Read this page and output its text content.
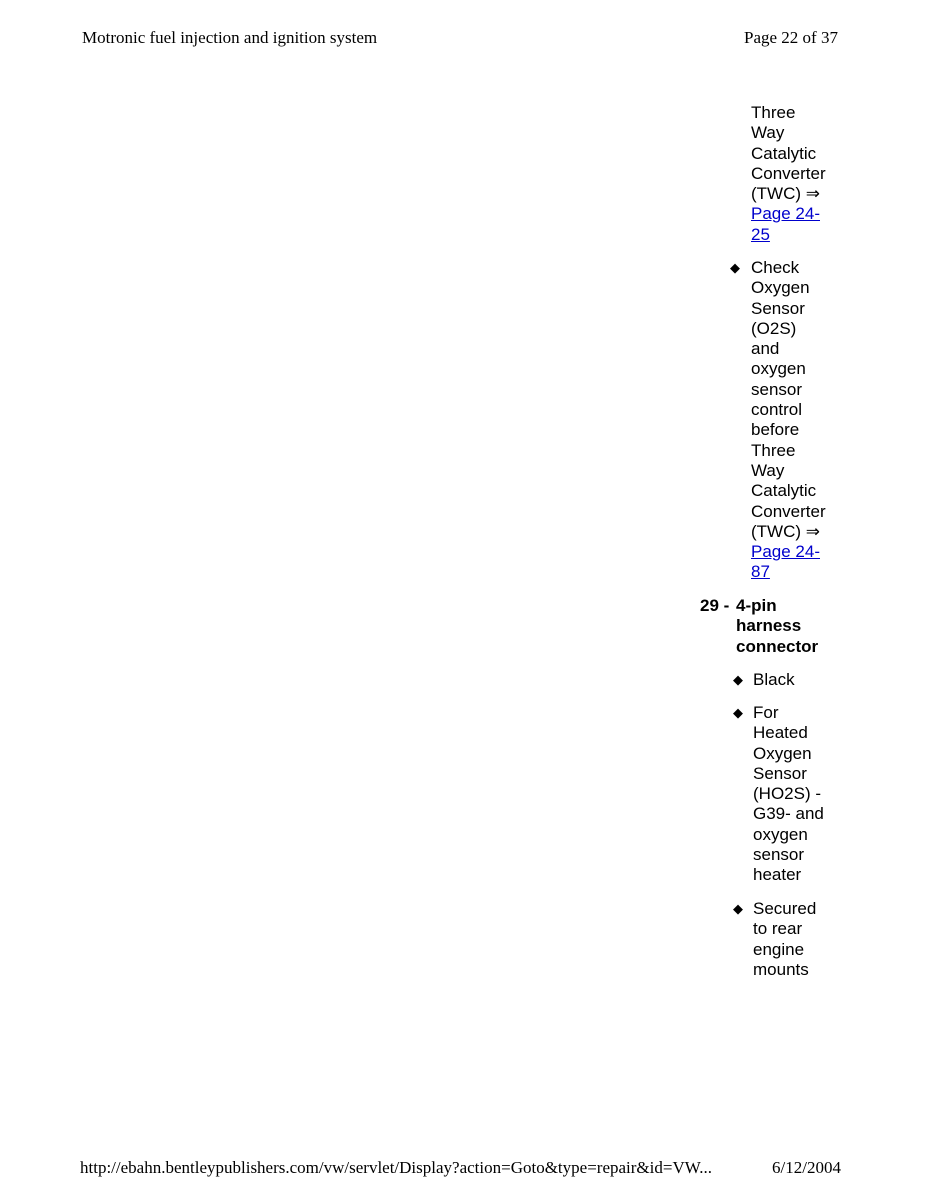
Motronic fuel injection and ignition system	Page 22 of 37
Three
Way
Catalytic
Converter
(TWC) ⇒
Page 24-
25
◆ Check
Oxygen
Sensor
(O2S)
and
oxygen
sensor
control
before
Three
Way
Catalytic
Converter
(TWC) ⇒
Page 24-
87
29 - 4-pin
harness
connector
◆ Black
◆ For
Heated
Oxygen
Sensor
(HO2S) -
G39- and
oxygen
sensor
heater
◆ Secured
to rear
engine
mounts
http://ebahn.bentleypublishers.com/vw/servlet/Display?action=Goto&type=repair&id=VW...	6/12/2004
